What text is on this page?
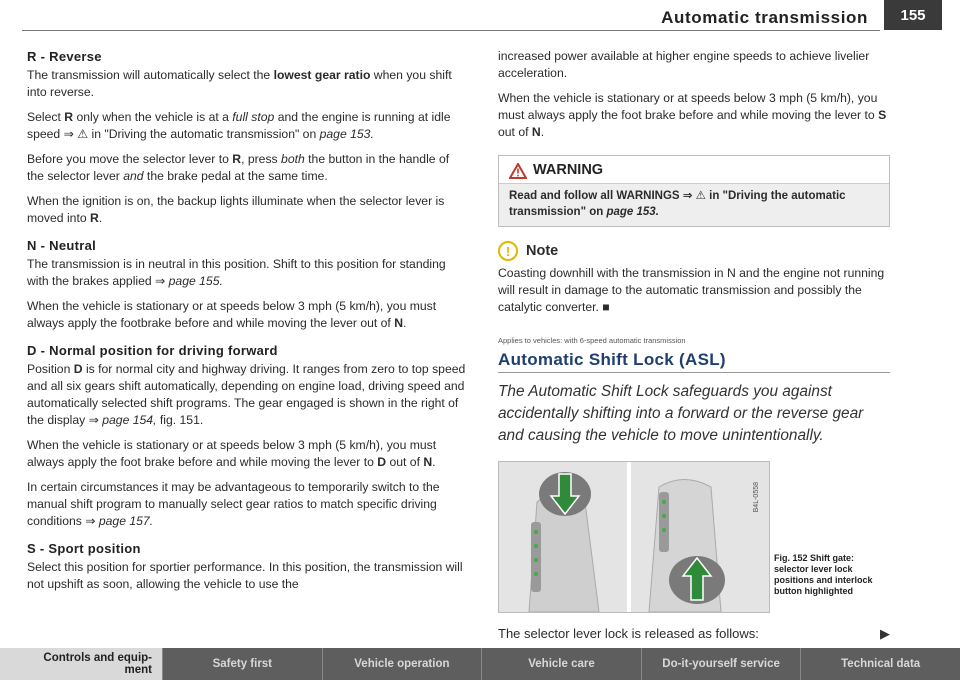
Automatic transmission	155
R - Reverse

The transmission will automatically select the lowest gear ratio when you shift into reverse.

Select R only when the vehicle is at a full stop and the engine is running at idle speed ⇒ ⚠ in "Driving the automatic transmission" on page 153.

Before you move the selector lever to R, press both the button in the handle of the selector lever and the brake pedal at the same time.

When the ignition is on, the backup lights illuminate when the selector lever is moved into R.

N - Neutral

The transmission is in neutral in this position. Shift to this position for standing with the brakes applied ⇒ page 155.

When the vehicle is stationary or at speeds below 3 mph (5 km/h), you must always apply the footbrake before and while moving the lever out of N.

D - Normal position for driving forward

Position D is for normal city and highway driving. It ranges from zero to top speed and all six gears shift automatically, depending on engine load, driving speed and automatically selected shift programs. The gear engaged is shown in the right of the display ⇒ page 154, fig. 151.

When the vehicle is stationary or at speeds below 3 mph (5 km/h), you must always apply the foot brake before and while moving the lever to D out of N.

In certain circumstances it may be advantageous to temporarily switch to the manual shift program to manually select gear ratios to match specific driving conditions ⇒ page 157.

S - Sport position

Select this position for sportier performance. In this position, the transmission will not upshift as soon, allowing the vehicle to use the

increased power available at higher engine speeds to achieve livelier acceleration.

When the vehicle is stationary or at speeds below 3 mph (5 km/h), you must always apply the foot brake before and while moving the lever to S out of N.

WARNING
Read and follow all WARNINGS ⇒ ⚠ in "Driving the automatic transmission" on page 153.
!	Note

Coasting downhill with the transmission in N and the engine not running will result in damage to the automatic transmission and possibly the catalytic converter. ■

Applies to vehicles: with 6-speed automatic transmission
Automatic Shift Lock (ASL)
The Automatic Shift Lock safeguards you against accidentally shifting into a forward or the reverse gear and causing the vehicle to move unintentionally.
B4L-0558
Fig. 152 Shift gate:
selector lever lock positions and interlock button highlighted
The selector lever lock is released as follows:	▶
Controls and equip-
ment	Safety first	Vehicle operation	Vehicle care	Do-it-yourself service	Technical data
